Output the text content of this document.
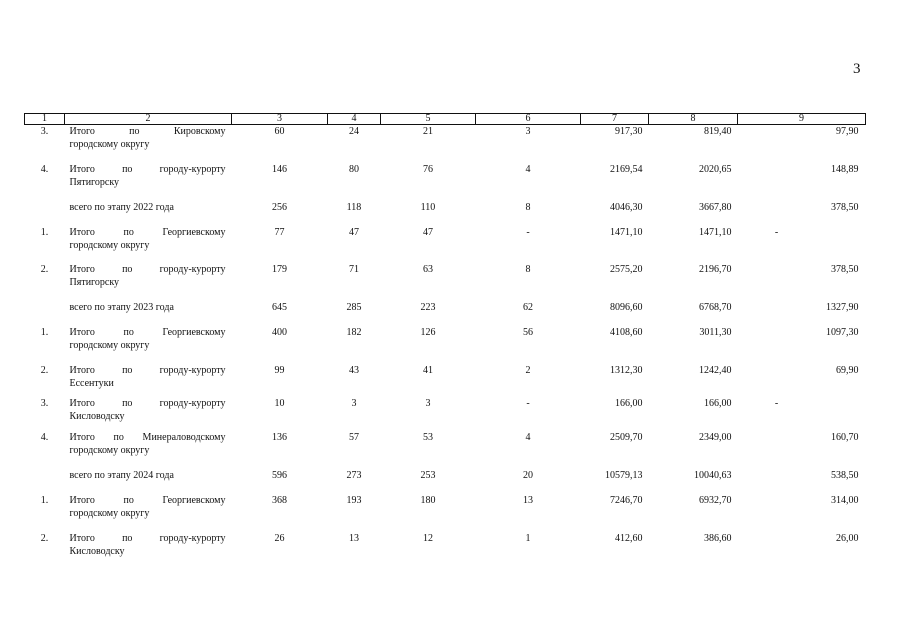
3
1	2	3	4	5	6	7	8	9
3.	Итого по Кировскому
городскому округу	60	24	21	3	917,30	819,40	97,90
4.	Итого по городу-курорту
Пятигорску	146	80	76	4	2169,54	2020,65	148,89
	всего по этапу 2022 года	256	118	110	8	4046,30	3667,80	378,50
1.	Итого по Георгиевскому
городскому округу	77	47	47	-	1471,10	1471,10	-
2.	Итого по городу-курорту
Пятигорску	179	71	63	8	2575,20	2196,70	378,50
	всего по этапу 2023 года	645	285	223	62	8096,60	6768,70	1327,90
1.	Итого по Георгиевскому
городскому округу	400	182	126	56	4108,60	3011,30	1097,30
2.	Итого по городу-курорту
Ессентуки	99	43	41	2	1312,30	1242,40	69,90
3.	Итого по городу-курорту
Кисловодску	10	3	3	-	166,00	166,00	-
4.	Итого по Минераловодскому
городскому округу	136	57	53	4	2509,70	2349,00	160,70
	всего по этапу 2024 года	596	273	253	20	10579,13	10040,63	538,50
1.	Итого по Георгиевскому
городскому округу	368	193	180	13	7246,70	6932,70	314,00
2.	Итого по городу-курорту
Кисловодску	26	13	12	1	412,60	386,60	26,00
